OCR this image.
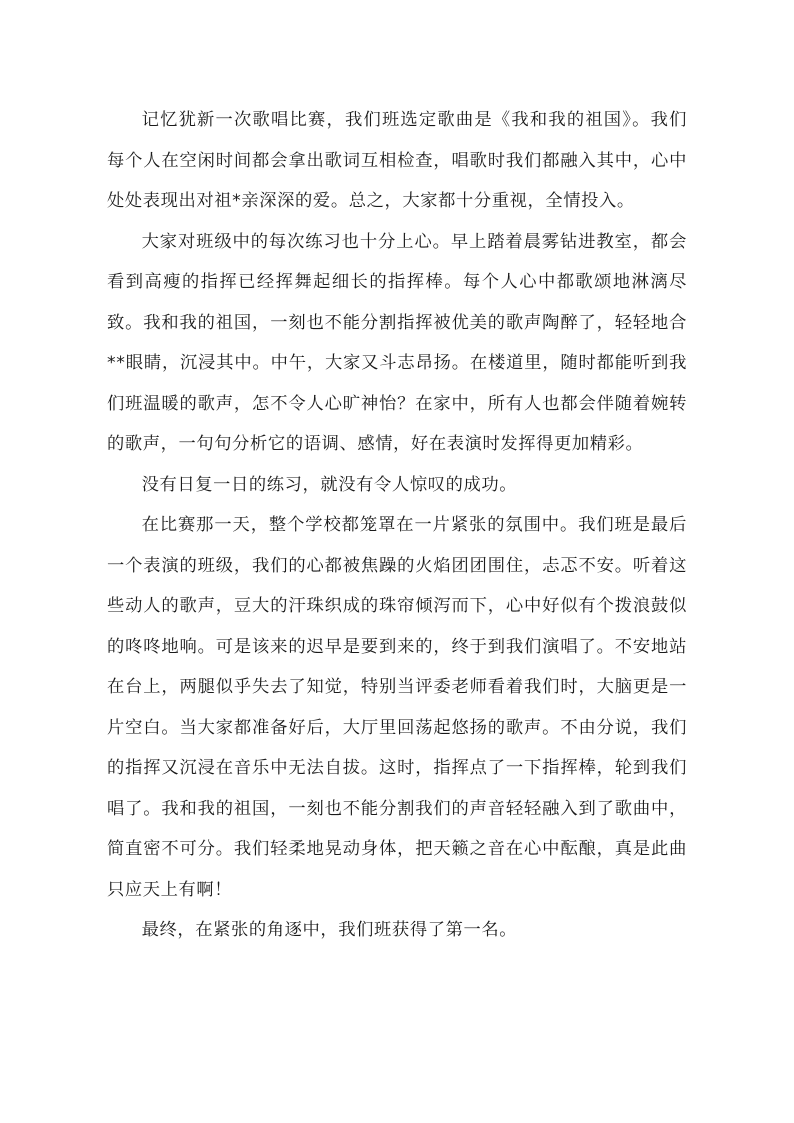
记忆犹新一次歌唱比赛，我们班选定歌曲是《我和我的祖国》。我们每个人在空闲时间都会拿出歌词互相检查，唱歌时我们都融入其中，心中处处表现出对祖*亲深深的爱。总之，大家都十分重视，全情投入。

大家对班级中的每次练习也十分上心。早上踏着晨雾钻进教室，都会看到高瘦的指挥已经挥舞起细长的指挥棒。每个人心中都歌颂地淋漓尽致。我和我的祖国，一刻也不能分割指挥被优美的歌声陶醉了，轻轻地合**眼睛，沉浸其中。中午，大家又斗志昂扬。在楼道里，随时都能听到我们班温暖的歌声，怎不令人心旷神怡？在家中，所有人也都会伴随着婉转的歌声，一句句分析它的语调、感情，好在表演时发挥得更加精彩。

没有日复一日的练习，就没有令人惊叹的成功。

在比赛那一天，整个学校都笼罩在一片紧张的氛围中。我们班是最后一个表演的班级，我们的心都被焦躁的火焰团团围住，忐忑不安。听着这些动人的歌声，豆大的汗珠织成的珠帘倾泻而下，心中好似有个拨浪鼓似的咚咚地响。可是该来的迟早是要到来的，终于到我们演唱了。不安地站在台上，两腿似乎失去了知觉，特别当评委老师看着我们时，大脑更是一片空白。当大家都准备好后，大厅里回荡起悠扬的歌声。不由分说，我们的指挥又沉浸在音乐中无法自拔。这时，指挥点了一下指挥棒，轮到我们唱了。我和我的祖国，一刻也不能分割我们的声音轻轻融入到了歌曲中，简直密不可分。我们轻柔地晃动身体，把天籁之音在心中酝酿，真是此曲只应天上有啊！

最终，在紧张的角逐中，我们班获得了第一名。
